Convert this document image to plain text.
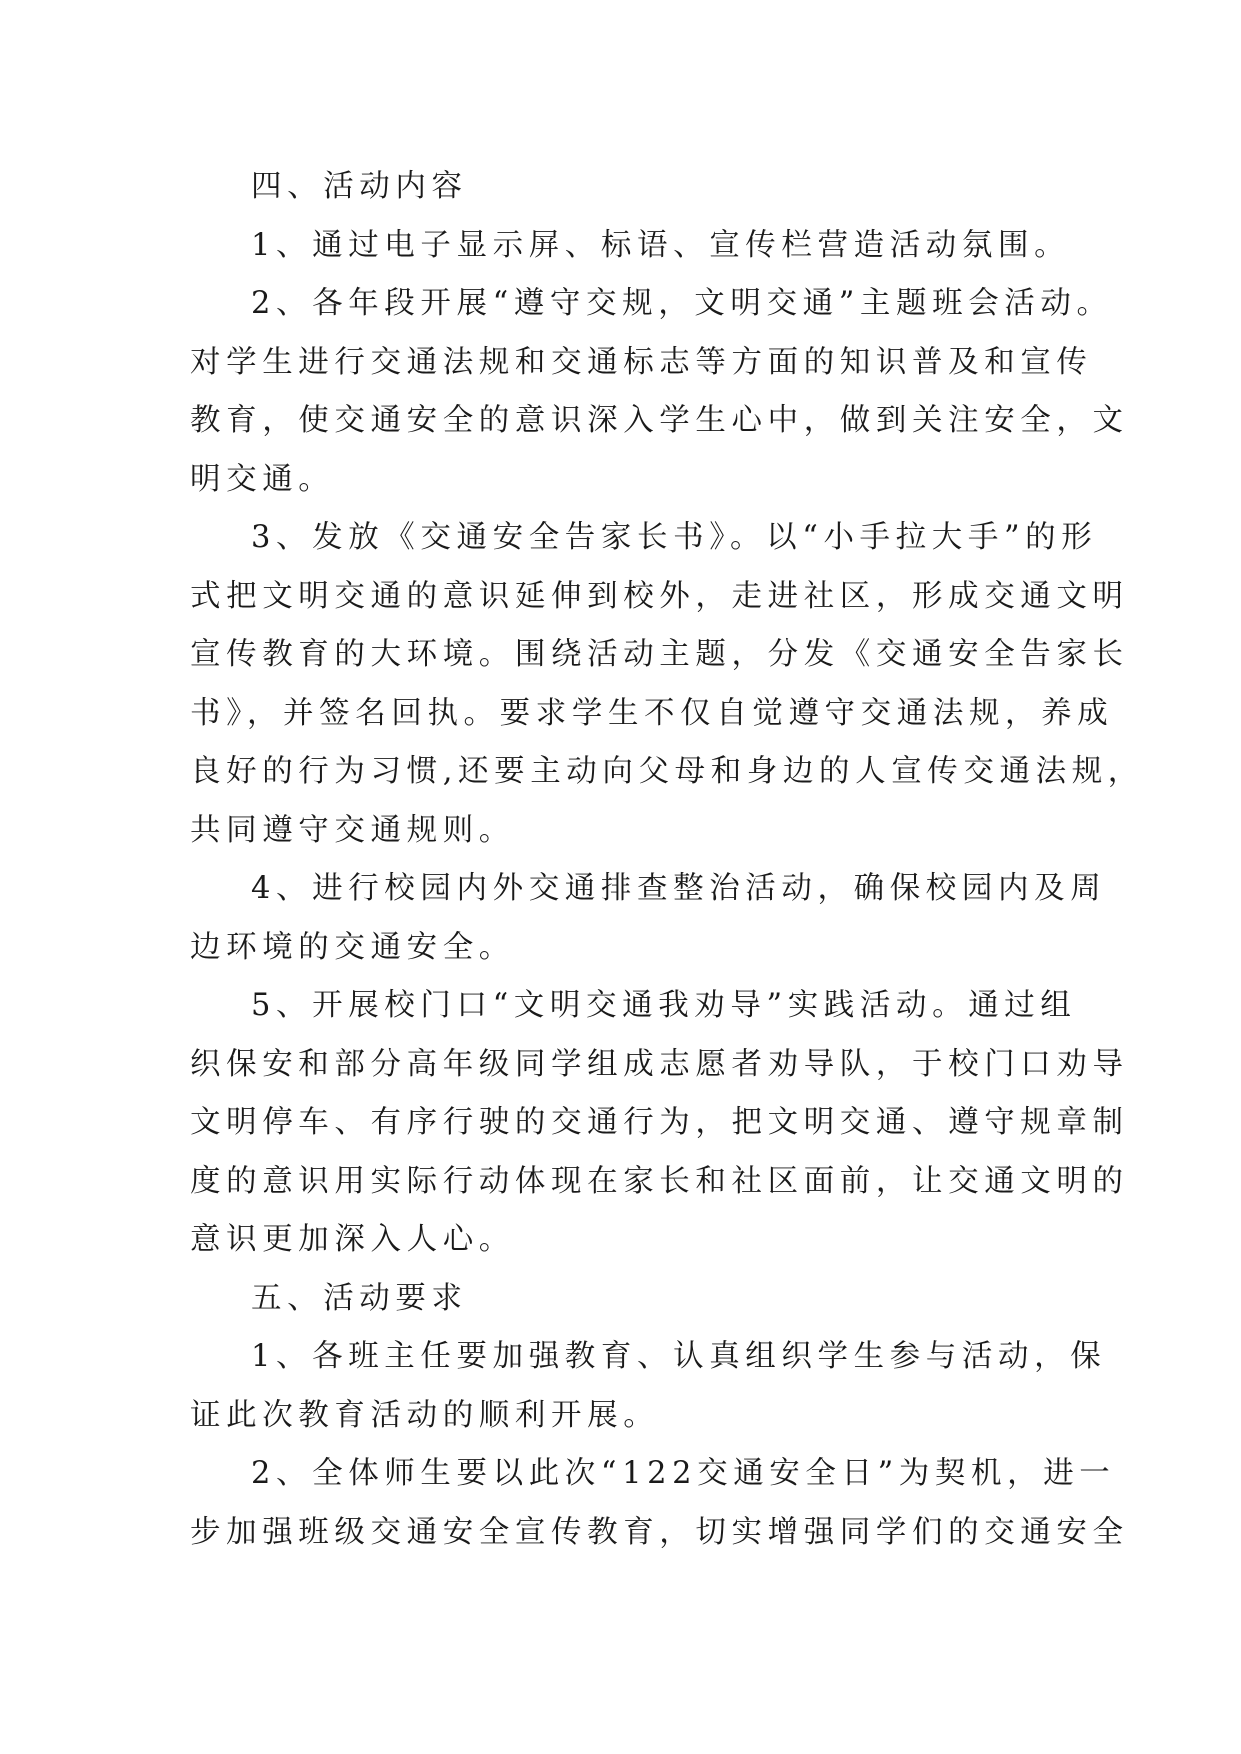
四、活动内容
1、通过电子显示屏、标语、宣传栏营造活动氛围。
2、各年段开展“遵守交规，文明交通”主题班会活动。
对学生进行交通法规和交通标志等方面的知识普及和宣传
教育，使交通安全的意识深入学生心中，做到关注安全，文
明交通。
3、发放《交通安全告家长书》。以“小手拉大手”的形
式把文明交通的意识延伸到校外，走进社区，形成交通文明
宣传教育的大环境。围绕活动主题，分发《交通安全告家长
书》，并签名回执。要求学生不仅自觉遵守交通法规，养成
良好的行为习惯,还要主动向父母和身边的人宣传交通法规，
共同遵守交通规则。
4、进行校园内外交通排查整治活动，确保校园内及周
边环境的交通安全。
5、开展校门口“文明交通我劝导”实践活动。通过组
织保安和部分高年级同学组成志愿者劝导队，于校门口劝导
文明停车、有序行驶的交通行为，把文明交通、遵守规章制
度的意识用实际行动体现在家长和社区面前，让交通文明的
意识更加深入人心。
五、活动要求
1、各班主任要加强教育、认真组织学生参与活动，保
证此次教育活动的顺利开展。
2、全体师生要以此次“122交通安全日”为契机，进一
步加强班级交通安全宣传教育，切实增强同学们的交通安全
